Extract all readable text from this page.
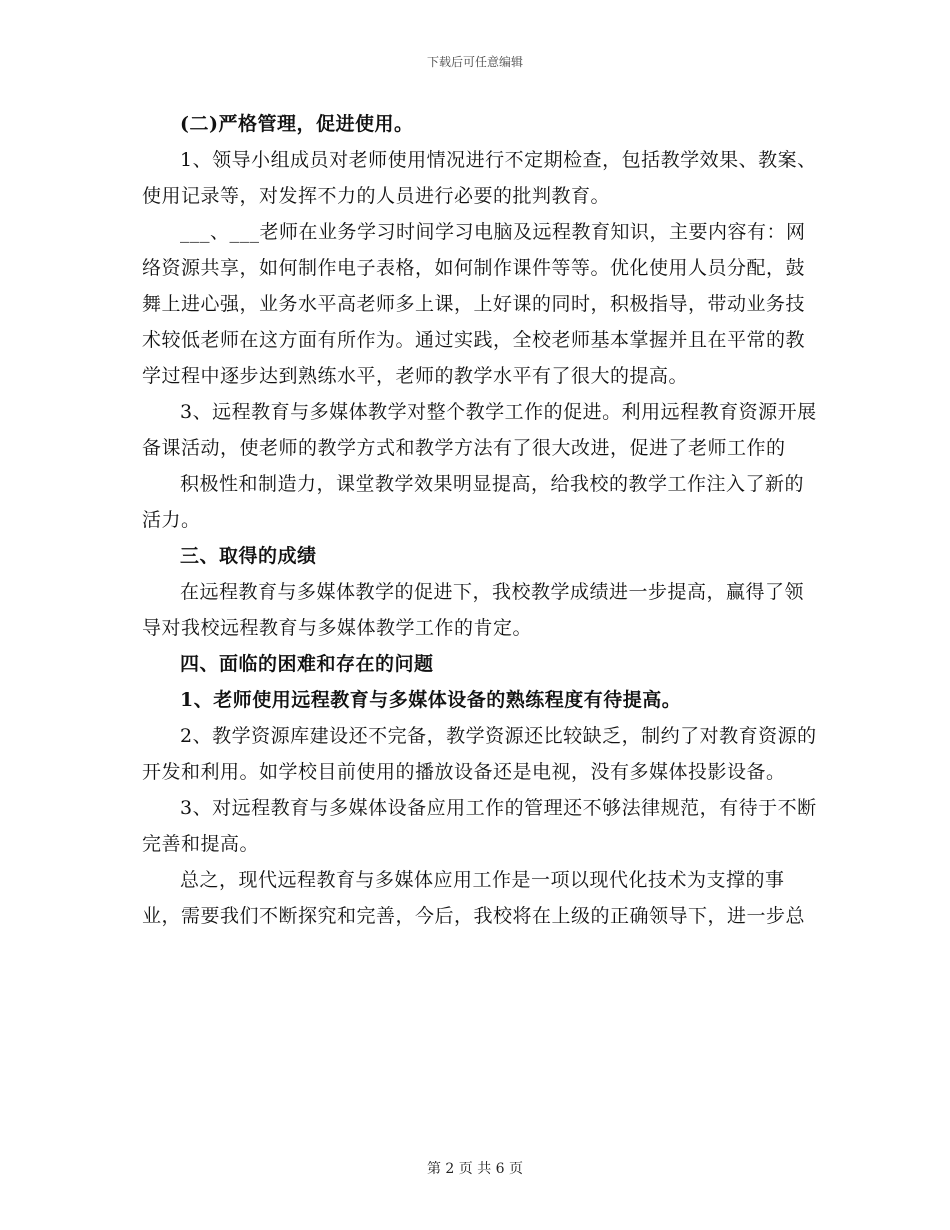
下载后可任意编辑

(二)严格管理，促进使用。

1、领导小组成员对老师使用情况进行不定期检查，包括教学效果、教案、使用记录等，对发挥不力的人员进行必要的批判教育。

___、___老师在业务学习时间学习电脑及远程教育知识，主要内容有：网络资源共享，如何制作电子表格，如何制作课件等等。优化使用人员分配，鼓舞上进心强，业务水平高老师多上课，上好课的同时，积极指导，带动业务技术较低老师在这方面有所作为。通过实践，全校老师基本掌握并且在平常的教学过程中逐步达到熟练水平，老师的教学水平有了很大的提高。

3、远程教育与多媒体教学对整个教学工作的促进。利用远程教育资源开展备课活动，使老师的教学方式和教学方法有了很大改进，促进了老师工作的

积极性和制造力，课堂教学效果明显提高，给我校的教学工作注入了新的活力。

三、取得的成绩

在远程教育与多媒体教学的促进下，我校教学成绩进一步提高，赢得了领导对我校远程教育与多媒体教学工作的肯定。

四、面临的困难和存在的问题

1、老师使用远程教育与多媒体设备的熟练程度有待提高。

2、教学资源库建设还不完备，教学资源还比较缺乏，制约了对教育资源的开发和利用。如学校目前使用的播放设备还是电视，没有多媒体投影设备。

3、对远程教育与多媒体设备应用工作的管理还不够法律规范，有待于不断完善和提高。

总之，现代远程教育与多媒体应用工作是一项以现代化技术为支撑的事业，需要我们不断探究和完善，今后，我校将在上级的正确领导下，进一步总

第 2 页 共 6 页
